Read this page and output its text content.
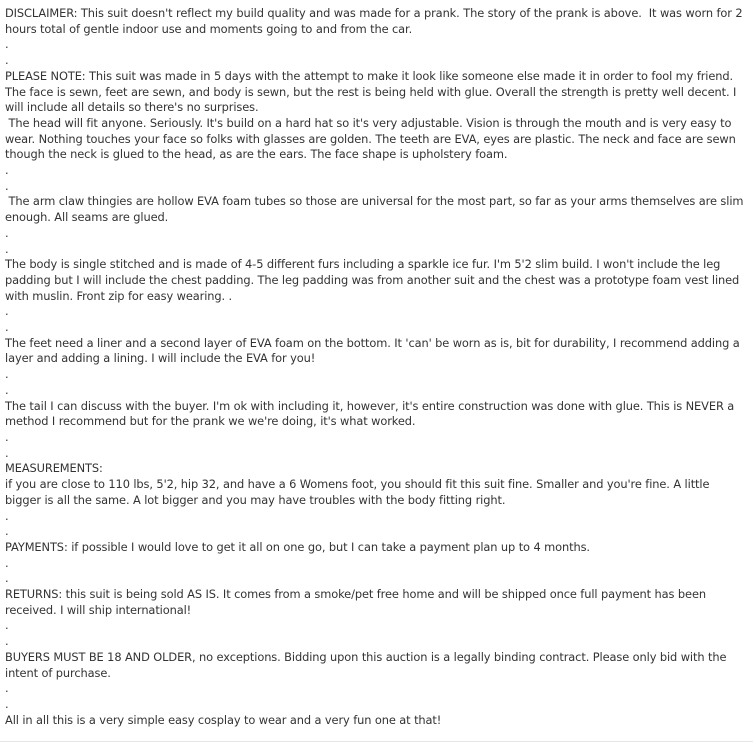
DISCLAIMER: This suit doesn't reflect my build quality and was made for a prank. The story of the prank is above.  It was worn for 2 hours total of gentle indoor use and moments going to and from the car.
.
.
PLEASE NOTE: This suit was made in 5 days with the attempt to make it look like someone else made it in order to fool my friend. The face is sewn, feet are sewn, and body is sewn, but the rest is being held with glue. Overall the strength is pretty well decent. I will include all details so there's no surprises.
The head will fit anyone. Seriously. It's build on a hard hat so it's very adjustable. Vision is through the mouth and is very easy to wear. Nothing touches your face so folks with glasses are golden. The teeth are EVA, eyes are plastic. The neck and face are sewn though the neck is glued to the head, as are the ears. The face shape is upholstery foam.
.
.
The arm claw thingies are hollow EVA foam tubes so those are universal for the most part, so far as your arms themselves are slim enough. All seams are glued.
.
.
The body is single stitched and is made of 4-5 different furs including a sparkle ice fur. I'm 5'2 slim build. I won't include the leg padding but I will include the chest padding. The leg padding was from another suit and the chest was a prototype foam vest lined with muslin. Front zip for easy wearing. .
.
.
The feet need a liner and a second layer of EVA foam on the bottom. It 'can' be worn as is, bit for durability, I recommend adding a layer and adding a lining. I will include the EVA for you!
.
.
The tail I can discuss with the buyer. I'm ok with including it, however, it's entire construction was done with glue. This is NEVER a method I recommend but for the prank we we're doing, it's what worked.
.
.
MEASUREMENTS:
if you are close to 110 lbs, 5'2, hip 32, and have a 6 Womens foot, you should fit this suit fine. Smaller and you're fine. A little bigger is all the same. A lot bigger and you may have troubles with the body fitting right.
.
.
PAYMENTS: if possible I would love to get it all on one go, but I can take a payment plan up to 4 months.
.
.
RETURNS: this suit is being sold AS IS. It comes from a smoke/pet free home and will be shipped once full payment has been received. I will ship international!
.
.
BUYERS MUST BE 18 AND OLDER, no exceptions. Bidding upon this auction is a legally binding contract. Please only bid with the intent of purchase.
.
.
All in all this is a very simple easy cosplay to wear and a very fun one at that!
